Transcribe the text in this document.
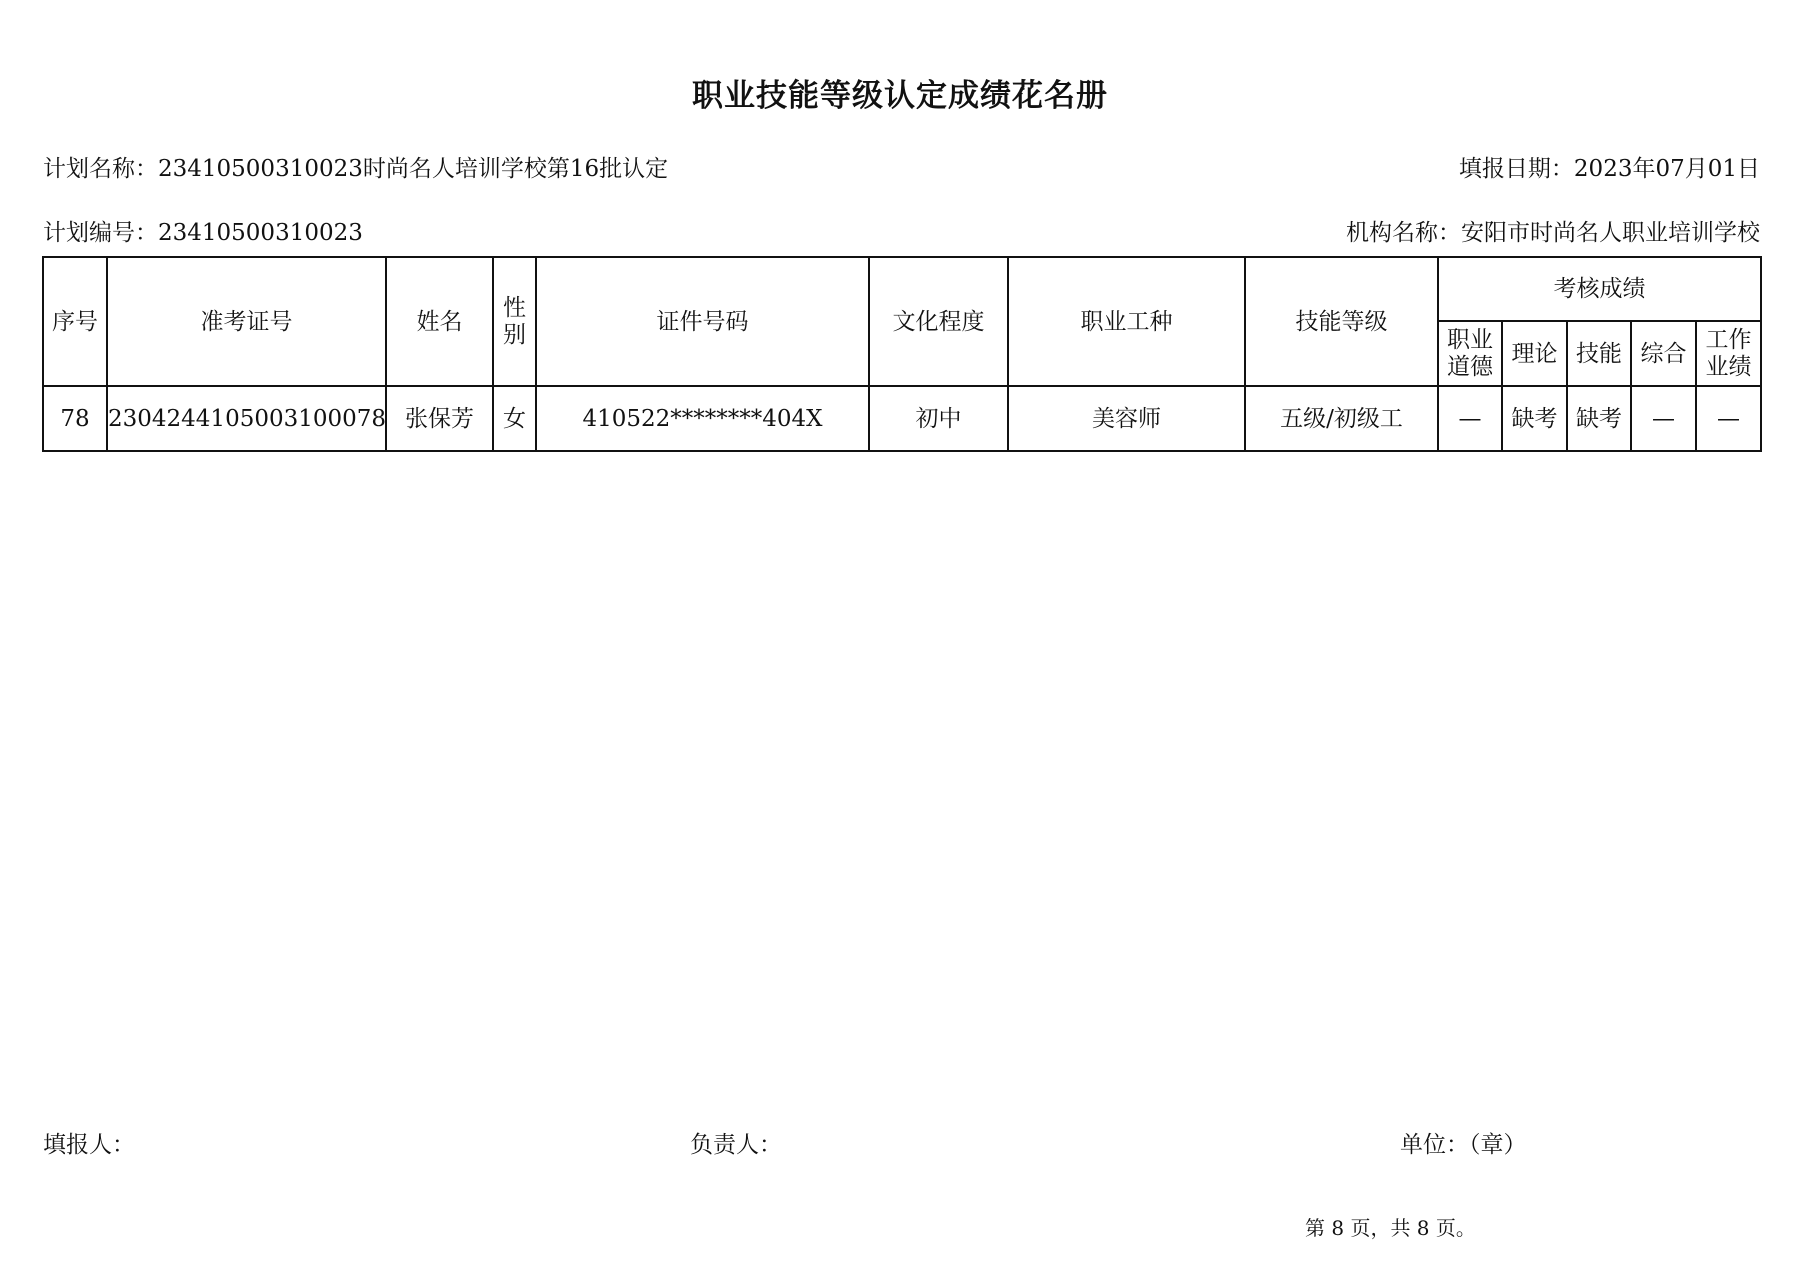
职业技能等级认定成绩花名册
计划名称：23410500310023时尚名人培训学校第16批认定	填报日期：2023年07月01日
计划编号：23410500310023	机构名称：安阳市时尚名人职业培训学校
序号	准考证号	姓名	性别	证件号码	文化程度	职业工种	技能等级	考核成绩				
								职业道德	理论	技能	综合	工作业绩
78	2304244105003100078	张保芳	女	410522********404X	初中	美容师	五级/初级工	—	缺考	缺考	—	—
填报人：	负责人：	单位：（章）
第 8 页，共 8 页。
